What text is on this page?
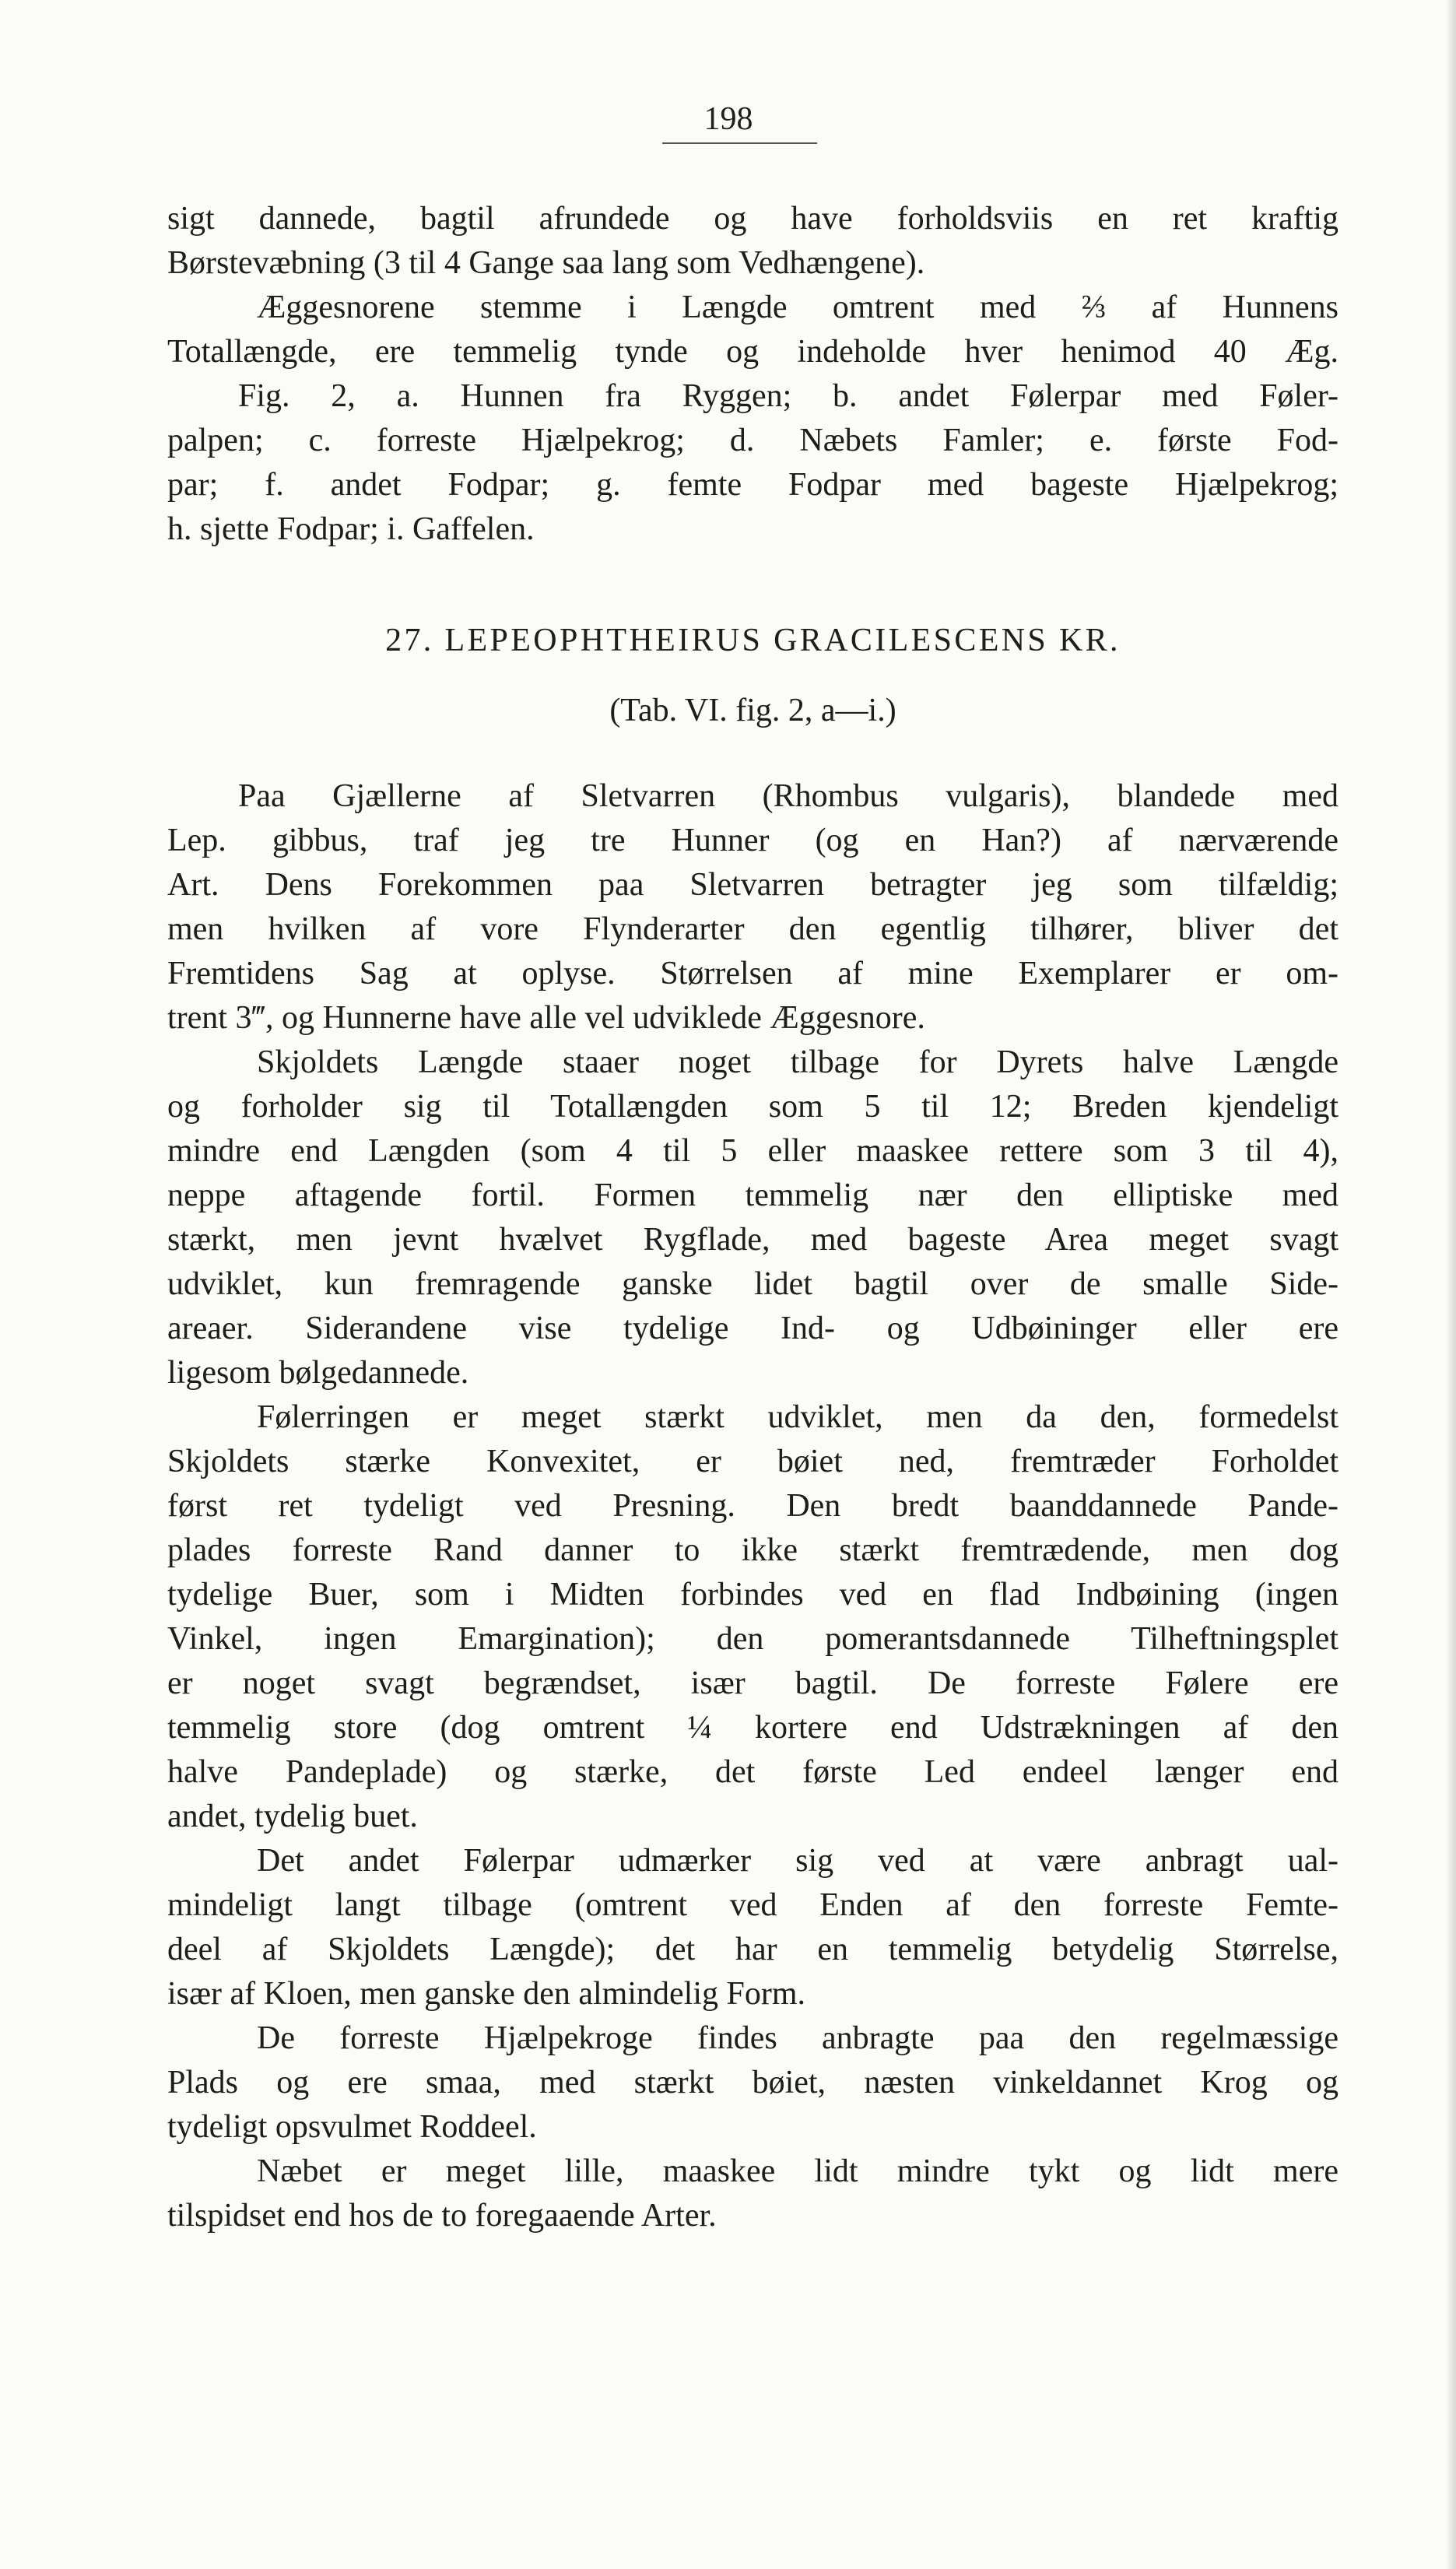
198
sigt dannede, bagtil afrundede og have forholdsviis en ret kraftig
Børstevæbning (3 til 4 Gange saa lang som Vedhængene).
Æggesnorene stemme i Længde omtrent med ⅔ af Hunnens
Totallængde, ere temmelig tynde og indeholde hver henimod 40 Æg.
Fig. 2, a. Hunnen fra Ryggen; b. andet Følerpar med Føler-
palpen; c. forreste Hjælpekrog; d. Næbets Famler; e. første Fod-
par; f. andet Fodpar; g. femte Fodpar med bageste Hjælpekrog;
h. sjette Fodpar; i. Gaffelen.
27. LEPEOPHTHEIRUS GRACILESCENS KR.
(Tab. VI. fig. 2, a—i.)
Paa Gjællerne af Sletvarren (Rhombus vulgaris), blandede med
Lep. gibbus, traf jeg tre Hunner (og en Han?) af nærværende
Art. Dens Forekommen paa Sletvarren betragter jeg som tilfældig;
men hvilken af vore Flynderarter den egentlig tilhører, bliver det
Fremtidens Sag at oplyse. Størrelsen af mine Exemplarer er om-
trent 3‴, og Hunnerne have alle vel udviklede Æggesnore.
Skjoldets Længde staaer noget tilbage for Dyrets halve Længde
og forholder sig til Totallængden som 5 til 12; Breden kjendeligt
mindre end Længden (som 4 til 5 eller maaskee rettere som 3 til 4),
neppe aftagende fortil. Formen temmelig nær den elliptiske med
stærkt, men jevnt hvælvet Rygflade, med bageste Area meget svagt
udviklet, kun fremragende ganske lidet bagtil over de smalle Side-
areaer. Siderandene vise tydelige Ind- og Udbøininger eller ere
ligesom bølgedannede.
Følerringen er meget stærkt udviklet, men da den, formedelst
Skjoldets stærke Konvexitet, er bøiet ned, fremtræder Forholdet
først ret tydeligt ved Presning. Den bredt baanddannede Pande-
plades forreste Rand danner to ikke stærkt fremtrædende, men dog
tydelige Buer, som i Midten forbindes ved en flad Indbøining (ingen
Vinkel, ingen Emargination); den pomerantsdannede Tilheftningsplet
er noget svagt begrændset, især bagtil. De forreste Følere ere
temmelig store (dog omtrent ¼ kortere end Udstrækningen af den
halve Pandeplade) og stærke, det første Led endeel længer end
andet, tydelig buet.
Det andet Følerpar udmærker sig ved at være anbragt ual-
mindeligt langt tilbage (omtrent ved Enden af den forreste Femte-
deel af Skjoldets Længde); det har en temmelig betydelig Størrelse,
især af Kloen, men ganske den almindelig Form.
De forreste Hjælpekroge findes anbragte paa den regelmæssige
Plads og ere smaa, med stærkt bøiet, næsten vinkeldannet Krog og
tydeligt opsvulmet Roddeel.
Næbet er meget lille, maaskee lidt mindre tykt og lidt mere
tilspidset end hos de to foregaaende Arter.
